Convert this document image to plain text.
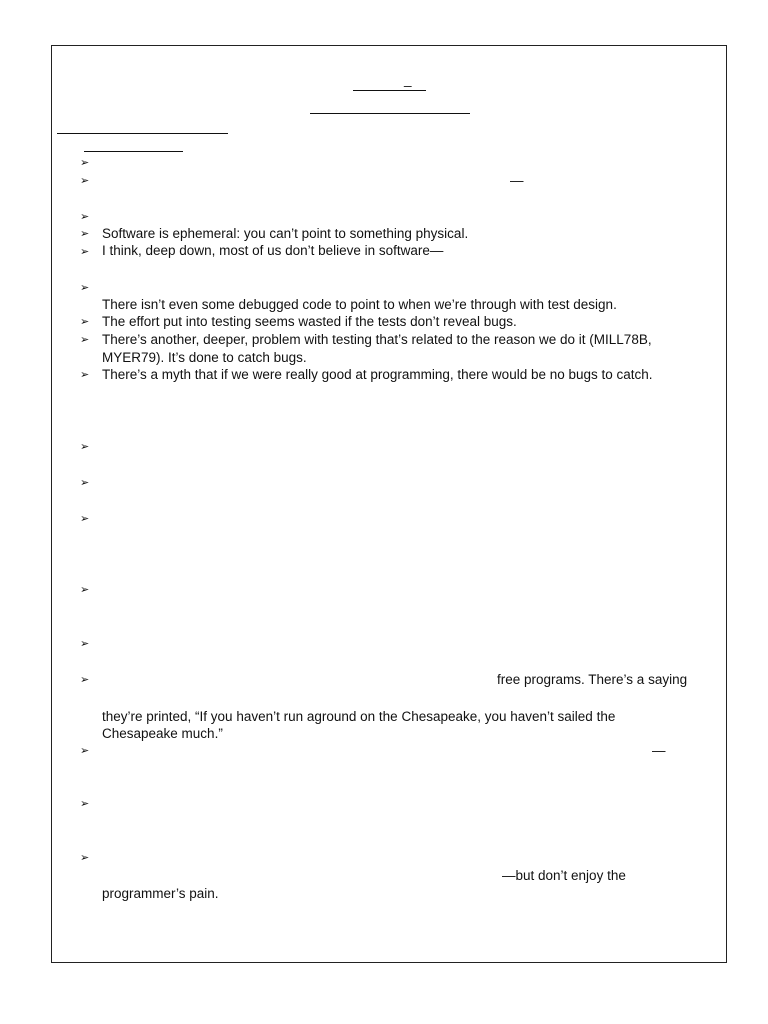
_
➢
➢
➢
➢
➢
➢
➢
➢
➢
➢
➢
➢
➢
➢
➢
➢
➢
➢
—
—
Software is ephemeral: you can’t point to something physical.
I think, deep down, most of us don’t believe in software—
There isn’t even some debugged code to point to when we’re through with test design.
The effort put into testing seems wasted if the tests don’t reveal bugs.
There’s another, deeper, problem with testing that’s related to the reason we do it (MILL78B,
MYER79). It’s done to catch bugs.
There’s a myth that if we were really good at programming, there would be no bugs to catch.
free programs. There’s a saying
they’re printed, “If you haven’t run aground on the Chesapeake, you haven’t sailed the
Chesapeake much.”
—but don’t enjoy the
programmer’s pain.
